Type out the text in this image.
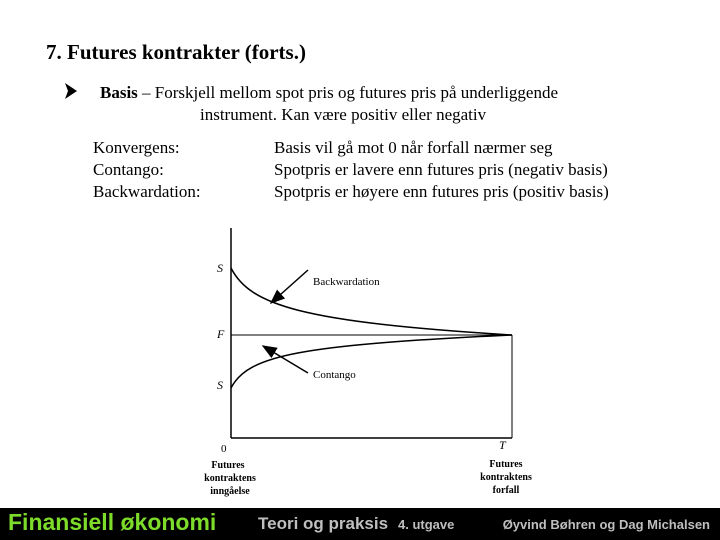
7. Futures kontrakter (forts.)
Basis – Forskjell mellom spot pris og futures pris på underliggende
instrument. Kan være positiv eller negativ
Konvergens:
Contango:
Backwardation:
Basis vil gå mot 0 når forfall nærmer seg
Spotpris er lavere enn futures pris (negativ basis)
Spotpris er høyere enn futures pris (positiv basis)
S
F
S
Backwardation
Contango
0
Futures
kontraktens
inngåelse
T
Futures
kontraktens
forfall
Finansiell økonomi Teori og praksis 4. utgave	Øyvind Bøhren og Dag Michalsen
